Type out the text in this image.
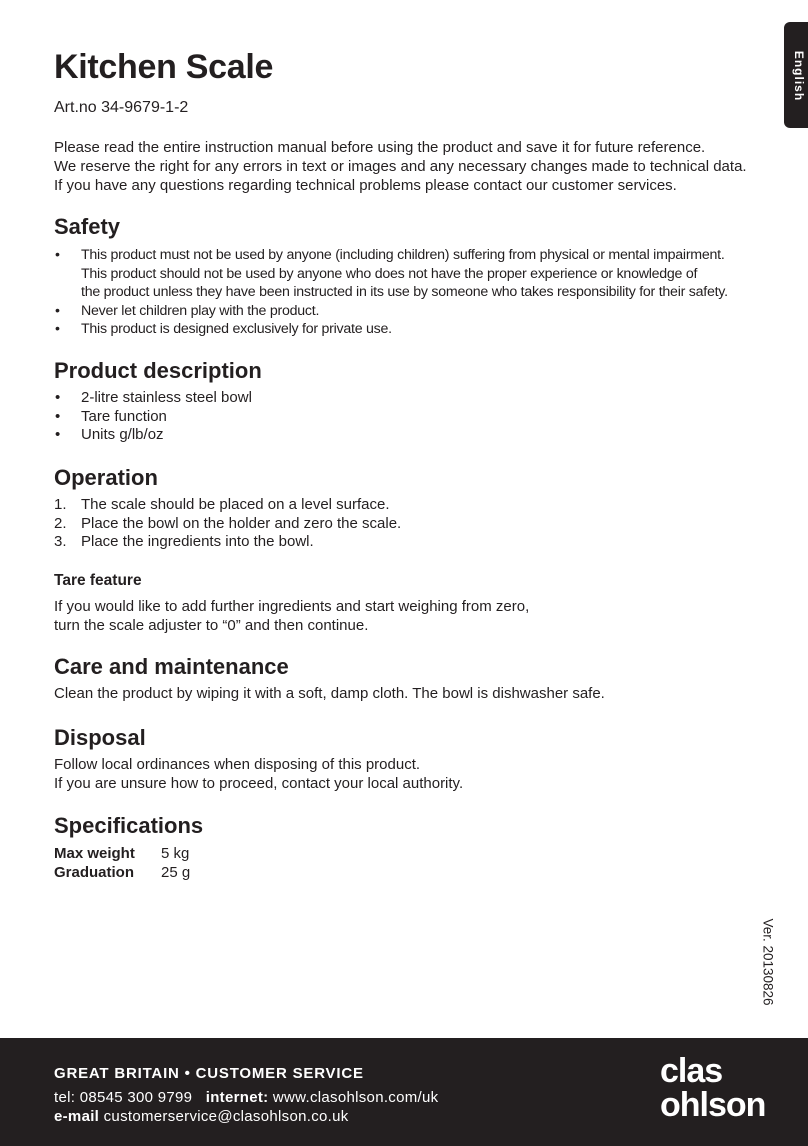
Kitchen Scale
Art.no 34-9679-1-2
English
Please read the entire instruction manual before using the product and save it for future reference.
We reserve the right for any errors in text or images and any necessary changes made to technical data.
If you have any questions regarding technical problems please contact our customer services.
Safety
• This product must not be used by anyone (including children) suffering from physical or mental impairment.
This product should not be used by anyone who does not have the proper experience or knowledge of
the product unless they have been instructed in its use by someone who takes responsibility for their safety.
• Never let children play with the product.
• This product is designed exclusively for private use.
Product description
• 2-litre stainless steel bowl
• Tare function
• Units g/lb/oz
Operation
1. The scale should be placed on a level surface.
2. Place the bowl on the holder and zero the scale.
3. Place the ingredients into the bowl.
Tare feature
If you would like to add further ingredients and start weighing from zero,
turn the scale adjuster to “0” and then continue.
Care and maintenance
Clean the product by wiping it with a soft, damp cloth. The bowl is dishwasher safe.
Disposal
Follow local ordinances when disposing of this product.
If you are unsure how to proceed, contact your local authority.
Specifications
Max weight	5 kg
Graduation	25 g
Ver. 20130826
GREAT BRITAIN • CUSTOMER SERVICE
tel: 08545 300 9799 internet: www.clasohlson.com/uk
e-mail customerservice@clasohlson.co.uk
clas
ohlson
